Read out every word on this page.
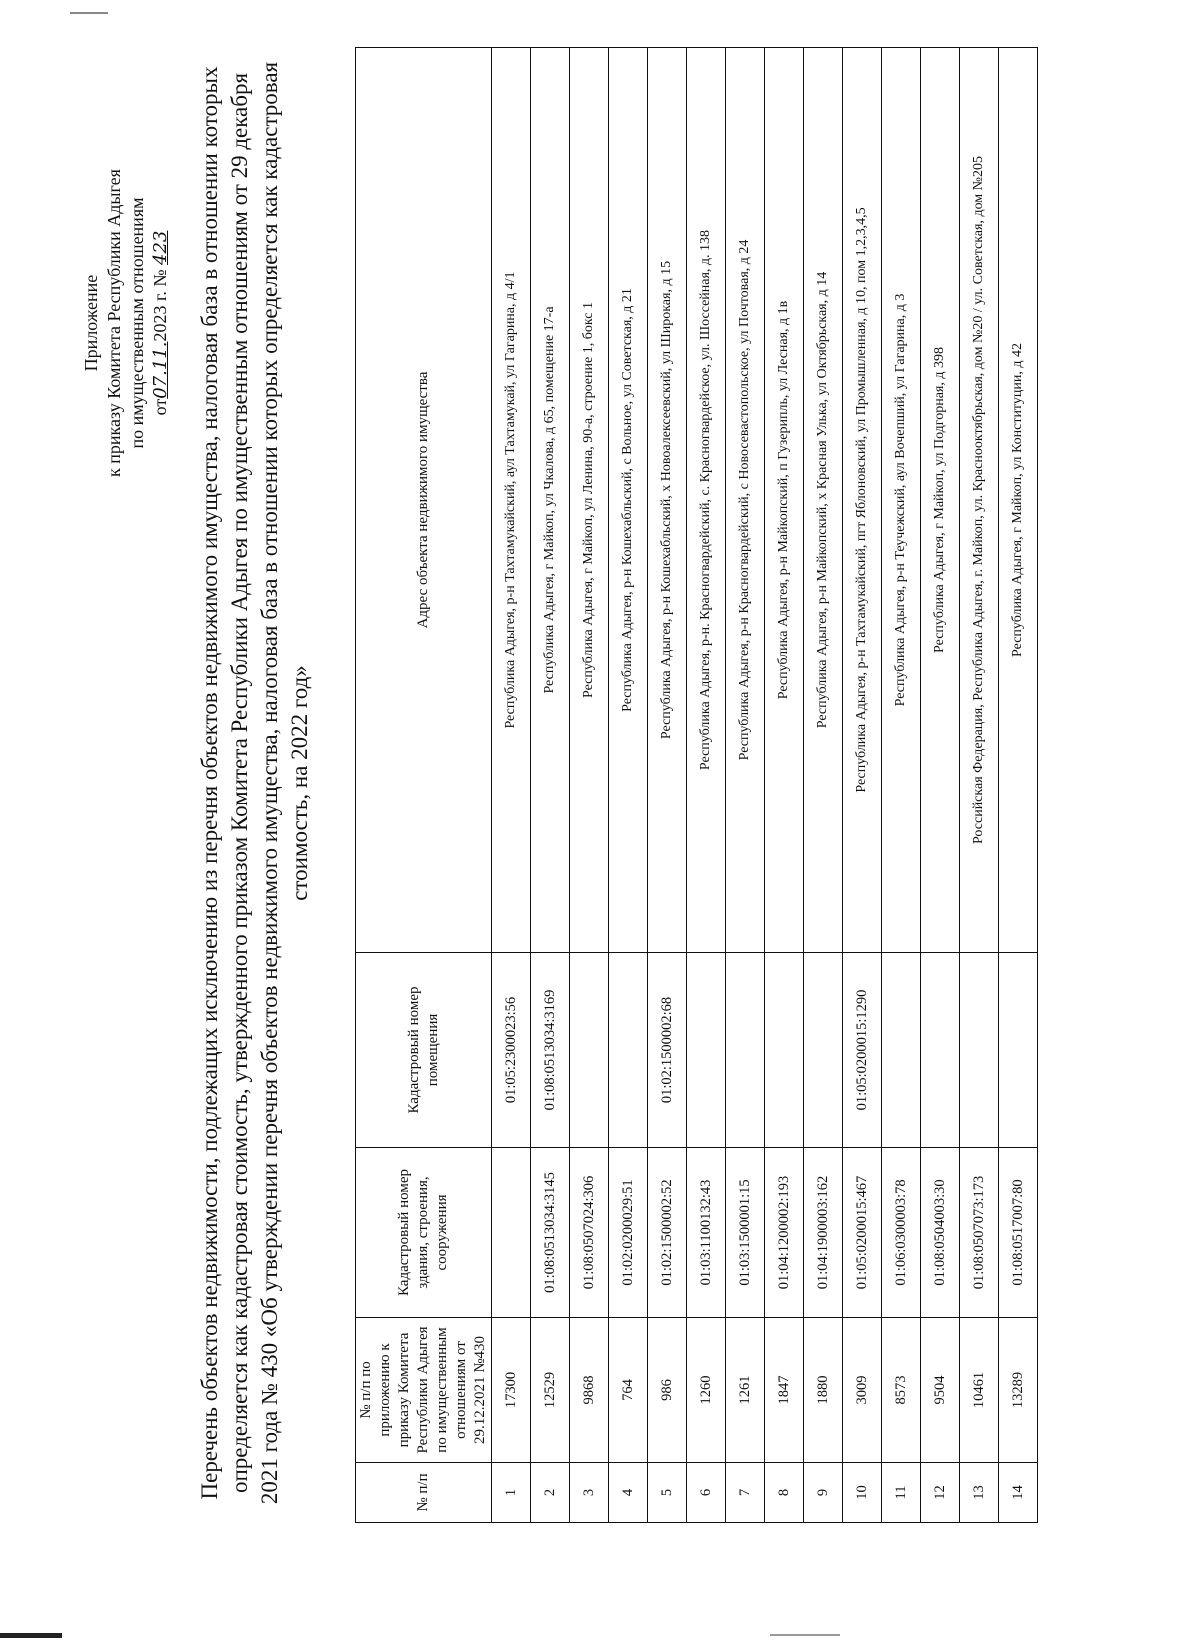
Приложение к приказу Комитета Республики Адыгея по имущественным отношениям от07.11.2023 г. № 423 Перечень объектов недвижимости, подлежащих исключению из перечня объектов недвижимого имущества, налоговая база в отношении которых определяется как кадастровая стоимость, утвержденного приказом Комитета Республики Адыгея по имущественным отношениям от 29 декабря 2021 года № 430 «Об утверждении перечня объектов недвижимого имущества, налоговая база в отношении которых определяется как кадастровая стоимость, на 2022 год»
№ п/п	№ п/п по приложению к приказу Комитета Республики Адыгея по имущественным отношениям от 29.12.2021 №430	Кадастровый номер здания, строения, сооружения	Кадастровый номер помещения	Адрес объекта недвижимого имущества
1	17300		01:05:2300023:56	Республика Адыгея, р-н Тахтамукайский, аул Тахтамукай, ул Гагарина, д 4/1
2	12529	01:08:0513034:3145	01:08:0513034:3169	Республика Адыгея, г Майкоп, ул Чкалова, д 65, помещение 17-а
3	9868	01:08:0507024:306		Республика Адыгея, г Майкоп, ул Ленина, 90-а, строение 1, бокс 1
4	764	01:02:0200029:51		Республика Адыгея, р-н Кошехабльский, с Вольное, ул Советская, д 21
5	986	01:02:1500002:52	01:02:1500002:68	Республика Адыгея, р-н Кошехабльский, х Новоалексеевский, ул Широкая, д 15
6	1260	01:03:1100132:43		Республика Адыгея, р-н. Красногвардейский, с. Красногвардейское, ул. Шоссейная, д. 138
7	1261	01:03:1500001:15		Республика Адыгея, р-н Красногвардейский, с Новосевастопольское, ул Почтовая, д 24
8	1847	01:04:1200002:193		Республика Адыгея, р-н Майкопский, п Гузерипль, ул Лесная, д 1в
9	1880	01:04:1900003:162		Республика Адыгея, р-н Майкопский, х Красная Улька, ул Октябрьская, д 14
10	3009	01:05:0200015:467	01:05:0200015:1290	Республика Адыгея, р-н Тахтамукайский, пгт Яблоновский, ул Промышленная, д 10, пом 1,2,3,4,5
11	8573	01:06:0300003:78		Республика Адыгея, р-н Теучежский, аул Вочепший, ул Гагарина, д 3
12	9504	01:08:0504003:30		Республика Адыгея, г Майкоп, ул Подгорная, д 398
13	10461	01:08:0507073:173		Российская Федерация, Республика Адыгея, г. Майкоп, ул. Краснооктябрьская, дом №20 / ул. Советская, дом №205
14	13289	01:08:0517007:80		Республика Адыгея, г Майкоп, ул Конституции, д 42
